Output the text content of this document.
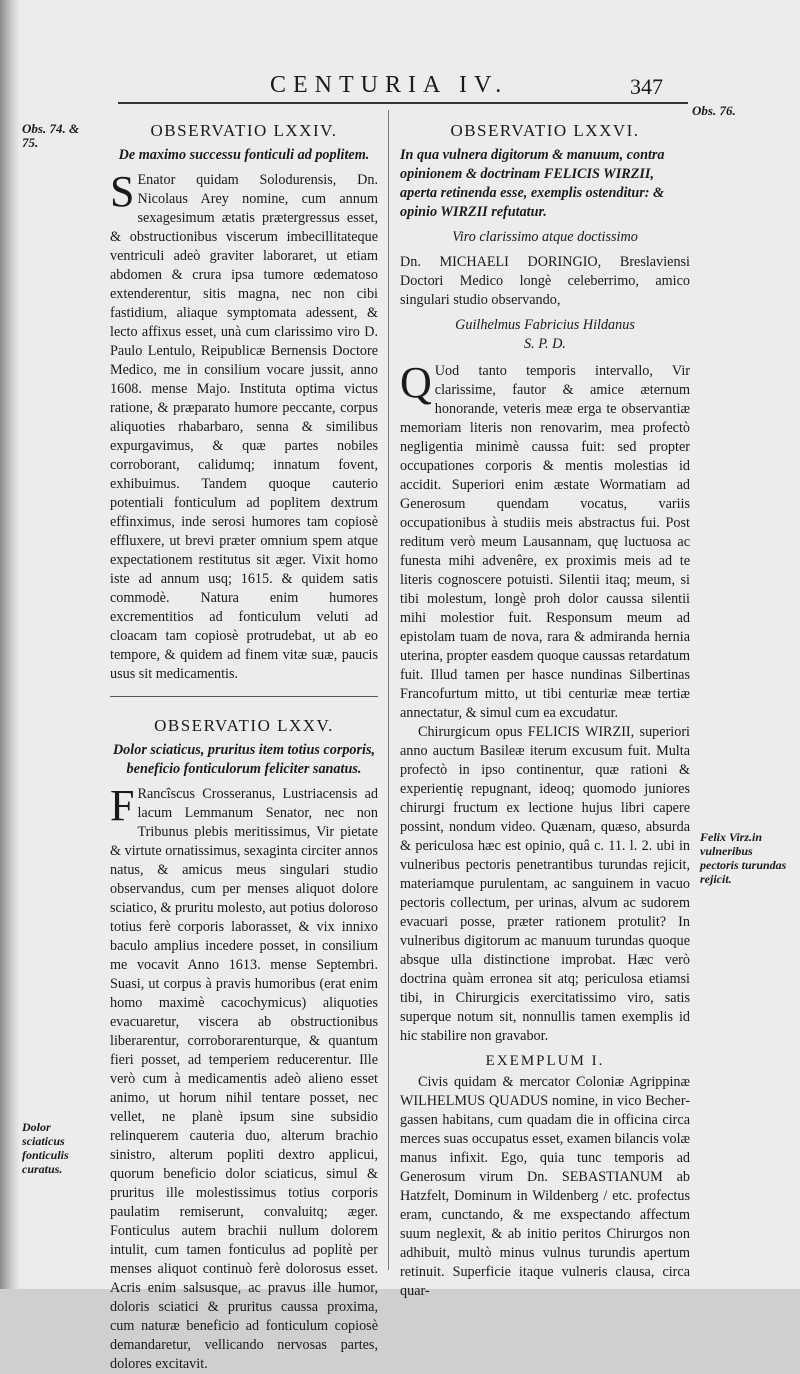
CENTURIA IV.	347
Obs. 74. & 75.
Obs. 76.
Felix Virz.in vulneribus pectoris turundas rejicit.
Dolor sciaticus fonticulis curatus.
OBSERVATIO LXXIV.
De maximo successu fonticuli ad poplitem.

S Enator quidam Solodurensis, Dn. Nicolaus Arey nomine, cum annum sexagesimum ætatis prætergressus esset, & obstructionibus viscerum imbecillitateque ventriculi adeò graviter laboraret, ut etiam abdomen & crura ipsa tumore œdematoso extenderentur, sitis magna, nec non cibi fastidium, aliaque symptomata adessent, & lecto affixus esset, unà cum clarissimo viro D. Paulo Lentulo, Reipublicæ Bernensis Doctore Medico, me in consilium vocare jussit, anno 1608. mense Majo. Instituta optima victus ratione, & præparato humore peccante, corpus aliquoties rhabarbaro, senna & similibus expurgavimus, & quæ partes nobiles corroborant, calidumq; innatum fovent, exhibuimus. Tandem quoque cauterio potentiali fonticulum ad poplitem dextrum effinximus, inde serosi humores tam copiosè effluxere, ut brevi præter omnium spem atque expectationem restitutus sit æger. Vixit homo iste ad annum usq; 1615. & quidem satis commodè. Natura enim humores excrementitios ad fonticulum veluti ad cloacam tam copiosè protrudebat, ut ab eo tempore, & quidem ad finem vitæ suæ, paucis usus sit medicamentis.

OBSERVATIO LXXV.
Dolor sciaticus, pruritus item totius corporis, beneficio fonticulorum feliciter sanatus.

F Rancîscus Crosseranus, Lustriacensis ad lacum Lemmanum Senator, nec non Tribunus plebis meritissimus, Vir pietate & virtute ornatissimus, sexaginta circiter annos natus, & amicus meus singulari studio observandus, cum per menses aliquot dolore sciatico, & pruritu molesto, aut potius doloroso totius ferè corporis laborasset, & vix innixo baculo amplius incedere posset, in consilium me vocavit Anno 1613. mense Septembri. Suasi, ut corpus à pravis humoribus (erat enim homo maximè cacochymicus) aliquoties evacuaretur, viscera ab obstructionibus liberarentur, corroborarenturque, & quantum fieri posset, ad temperiem reducerentur. Ille verò cum à medicamentis adeò alieno esset animo, ut horum nihil tentare posset, nec vellet, ne planè ipsum sine subsidio relinquerem cauteria duo, alterum brachio sinistro, alterum popliti dextro applicui, quorum beneficio dolor sciaticus, simul & pruritus ille molestissimus totius corporis paulatim remiserunt, convaluitq; æger. Fonticulus autem brachii nullum dolorem intulit, cum tamen fonticulus ad poplitè per menses aliquot continuò ferè dolorosus esset. Acris enim salsusque, ac pravus ille humor, doloris sciatici & pruritus caussa proxima, cum naturæ beneficio ad fonticulum copiosè demandaretur, vellicando nervosas partes, dolores excitavit.

OBSERVATIO LXXVI.
In qua vulnera digitorum & manuum, contra opinionem & doctrinam FELICIS WIRZII, aperta retinenda esse, exemplis ostenditur: & opinio WIRZII refutatur.

Viro clarissimo atque doctissimo

Dn. MICHAELI DORINGIO, Breslaviensi Doctori Medico longè celeberrimo, amico singulari studio observando,

Guilhelmus Fabricius Hildanus

S. P. D.

Q Uod tanto temporis intervallo, Vir clarissime, fautor & amice æternum honorande, veteris meæ erga te observantiæ memoriam literis non renovarim, mea profectò negligentia minimè caussa fuit: sed propter occupationes corporis & mentis molestias id accidit. Superiori enim æstate Wormatiam ad Generosum quendam vocatus, variis occupationibus à studiis meis abstractus fui. Post reditum verò meum Lausannam, quę luctuosa ac funesta mihi advenêre, ex proximis meis ad te literis cognoscere potuisti. Silentii itaq; meum, si tibi molestum, longè proh dolor caussa silentii mihi molestior fuit. Responsum meum ad epistolam tuam de nova, rara & admiranda hernia uterina, propter easdem quoque caussas retardatum fuit. Illud tamen per hasce nundinas Silbertinas Francofurtum mitto, ut tibi centuriæ meæ tertiæ annectatur, & simul cum ea excudatur.

Chirurgicum opus FELICIS WIRZII, superiori anno auctum Basileæ iterum excusum fuit. Multa profectò in ipso continentur, quæ rationi & experientię repugnant, ideoq; quomodo juniores chirurgi fructum ex lectione hujus libri capere possint, nondum video. Quænam, quæso, absurda & periculosa hæc est opinio, quâ c. 11. l. 2. ubi in vulneribus pectoris penetrantibus turundas rejicit, materiamque purulentam, ac sanguinem in vacuo pectoris collectum, per urinas, alvum ac sudorem evacuari posse, præter rationem protulit? In vulneribus digitorum ac manuum turundas quoque absque ulla distinctione improbat. Hæc verò doctrina quàm erronea sit atq; periculosa etiamsi tibi, in Chirurgicis exercitatissimo viro, satis superque notum sit, nonnullis tamen exemplis id hic stabilire non gravabor.

EXEMPLUM I.

Civis quidam & mercator Coloniæ Agrippinæ WILHELMUS QUADUS nomine, in vico Becher-gassen habitans, cum quadam die in officina circa merces suas occupatus esset, examen bilancis volæ manus infixit. Ego, quia tunc temporis ad Generosum virum Dn. SEBASTIANUM ab Hatzfelt, Dominum in Wildenberg / etc. profectus eram, cunctando, & me exspectando affectum suum neglexit, & ab initio peritos Chirurgos non adhibuit, multò minus vulnus turundis apertum retinuit. Superficie itaque vulneris clausa, circa quar-
